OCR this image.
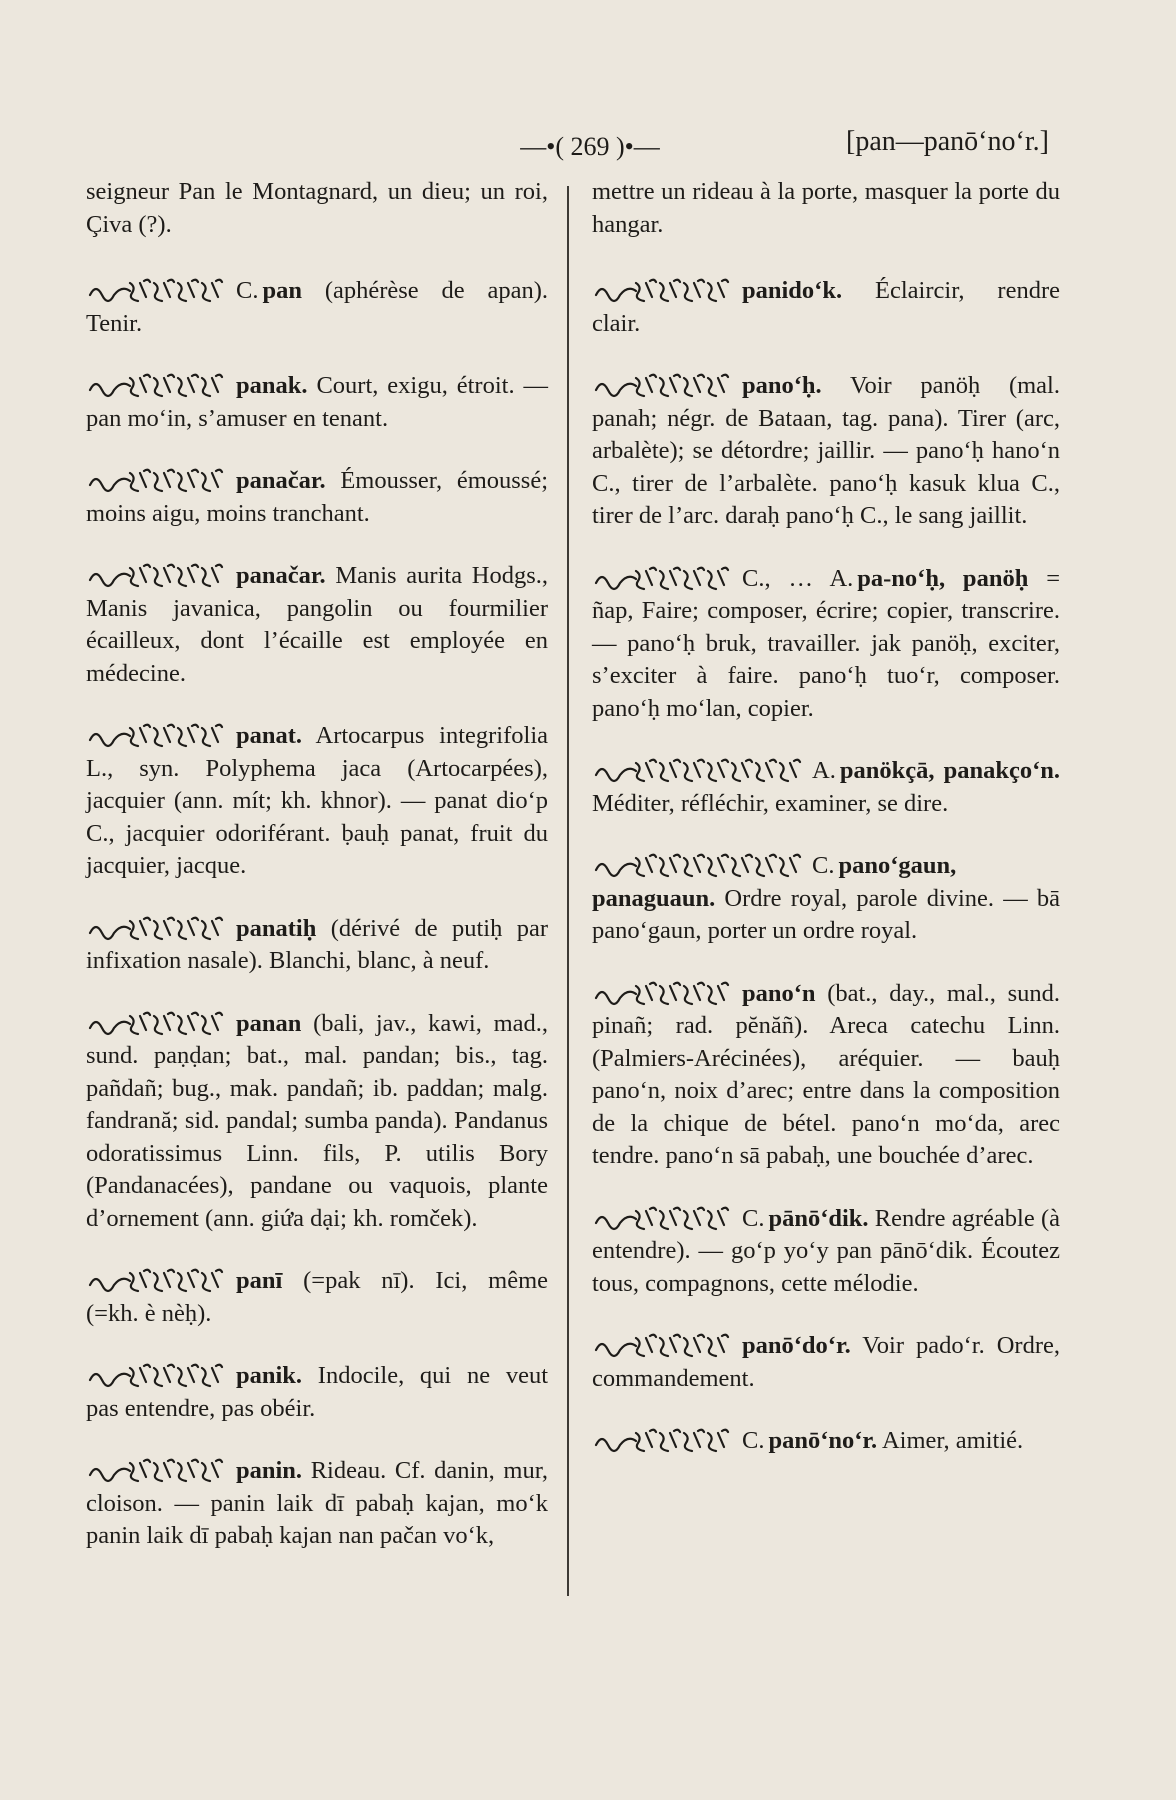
—•( 269 )•—	[pan—panō‘no‘r.]
seigneur Pan le Montagnard, un dieu; un roi, Çiva (?).
C. pan (aphérèse de apan). Tenir.
panak. Court, exigu, étroit. — pan mo‘in, s’amuser en tenant.
panačar. Émousser, émoussé; moins aigu, moins tranchant.
panačar. Manis aurita Hodgs., Manis javanica, pangolin ou fourmilier écailleux, dont l’écaille est employée en médecine.
panat. Artocarpus integrifolia L., syn. Polyphema jaca (Artocarpées), jacquier (ann. mít; kh. khnor). — panat dio‘p C., jacquier odoriférant. ḅauḥ panat, fruit du jacquier, jacque.
panatiḥ (dérivé de putiḥ par infixation nasale). Blanchi, blanc, à neuf.
panan (bali, jav., kawi, mad., sund. paṇḍan; bat., mal. pandan; bis., tag. pañdañ; bug., mak. pandañ; ib. paddan; malg. fandrană; sid. pandal; sumba panda). Pandanus odoratissimus Linn. fils, P. utilis Bory (Pandanacées), pandane ou vaquois, plante d’ornement (ann. giứa dại; kh. romček).
panī (=pak nī). Ici, même (=kh. è nèḥ).
panik. Indocile, qui ne veut pas entendre, pas obéir.
panin. Rideau. Cf. danin, mur, cloison. — panin laik dī pabaḥ kajan, mo‘k panin laik dī pabaḥ kajan nan pačan vo‘k,
mettre un rideau à la porte, masquer la porte du hangar.
panido‘k. Éclaircir, rendre clair.
pano‘ḥ. Voir panöḥ (mal. panah; négr. de Bataan, tag. pana). Tirer (arc, arbalète); se détordre; jaillir. — pano‘ḥ hano‘n C., tirer de l’arbalète. pano‘ḥ kasuk klua C., tirer de l’arc. daraḥ pano‘ḥ C., le sang jaillit.
C., … A. pa-no‘ḥ, panöḥ = ñap, Faire; composer, écrire; copier, transcrire. — pano‘ḥ bruk, travailler. jak panöḥ, exciter, s’exciter à faire. pano‘ḥ tuo‘r, composer. pano‘ḥ mo‘lan, copier.
A. panökçā, panakço‘n. Méditer, réfléchir, examiner, se dire.
C. pano‘gaun, panaguaun. Ordre royal, parole divine. — bā pano‘gaun, porter un ordre royal.
pano‘n (bat., day., mal., sund. pinañ; rad. pĕnăñ). Areca catechu Linn. (Palmiers-Arécinées), aréquier. — bauḥ pano‘n, noix d’arec; entre dans la composition de la chique de bétel. pano‘n mo‘da, arec tendre. pano‘n sā pabaḥ, une bouchée d’arec.
C. pānō‘dik. Rendre agréable (à entendre). — go‘p yo‘y pan pānō‘dik. Écoutez tous, compagnons, cette mélodie.
panō‘do‘r. Voir pado‘r. Ordre, commandement.
C. panō‘no‘r. Aimer, amitié.
